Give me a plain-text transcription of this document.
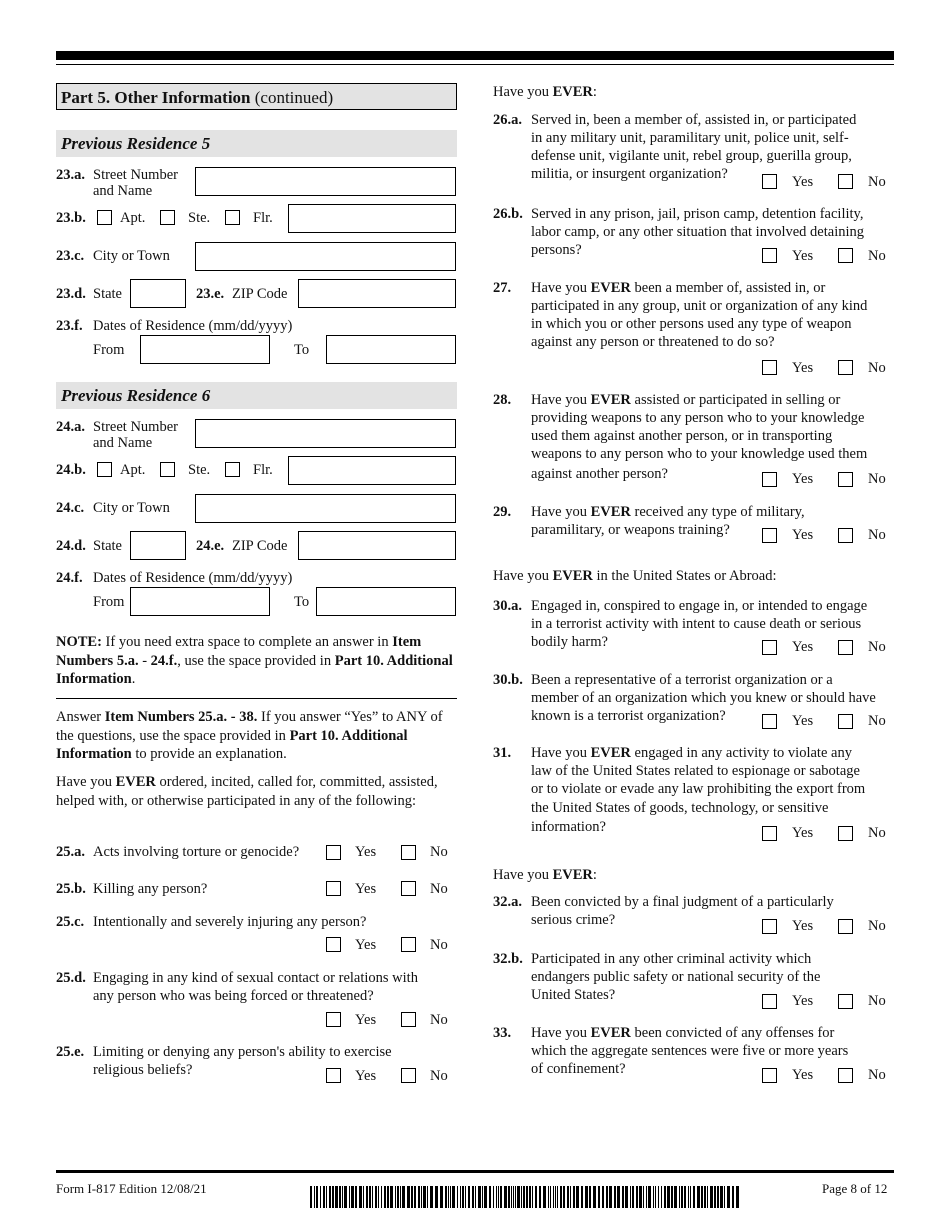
Part 5. Other Information (continued)
Previous Residence 5
23.a. Street Number
and Name
23.b. Apt.	Ste.	Flr.
23.c. City or Town
23.d. State	23.e. ZIP Code
23.f. Dates of Residence (mm/dd/yyyy)
From	To
Previous Residence 6
24.a. Street Number
and Name
24.b. Apt.	Ste.	Flr.
24.c. City or Town
24.d. State	24.e. ZIP Code
24.f. Dates of Residence (mm/dd/yyyy)
From	To
NOTE: If you need extra space to complete an answer in Item Numbers 5.a. - 24.f., use the space provided in Part 10. Additional Information.
Answer Item Numbers 25.a. - 38. If you answer “Yes” to ANY of the questions, use the space provided in Part 10. Additional Information to provide an explanation.
Have you EVER ordered, incited, called for, committed, assisted, helped with, or otherwise participated in any of the following:
25.a. Acts involving torture or genocide?	Yes	No
25.b. Killing any person?	Yes	No
25.c. Intentionally and severely injuring any person?
Yes	No
25.d. Engaging in any kind of sexual contact or relations with
any person who was being forced or threatened?
Yes	No
25.e. Limiting or denying any person's ability to exercise
religious beliefs?	Yes	No
Have you EVER:
26.a. Served in, been a member of, assisted in, or participated
in any military unit, paramilitary unit, police unit, self-
defense unit, vigilante unit, rebel group, guerilla group,
militia, or insurgent organization?	Yes	No
26.b. Served in any prison, jail, prison camp, detention facility,
labor camp, or any other situation that involved detaining
persons?	Yes	No
27. Have you EVER been a member of, assisted in, or
participated in any group, unit or organization of any kind
in which you or other persons used any type of weapon
against any person or threatened to do so?
Yes	No
28. Have you EVER assisted or participated in selling or
providing weapons to any person who to your knowledge
used them against another person, or in transporting
weapons to any person who to your knowledge used them
against another person?	Yes	No
29. Have you EVER received any type of military,
paramilitary, or weapons training?	Yes	No
Have you EVER in the United States or Abroad:
30.a. Engaged in, conspired to engage in, or intended to engage
in a terrorist activity with intent to cause death or serious
bodily harm?	Yes	No
30.b. Been a representative of a terrorist organization or a
member of an organization which you knew or should have
known is a terrorist organization?	Yes	No
31. Have you EVER engaged in any activity to violate any
law of the United States related to espionage or sabotage
or to violate or evade any law prohibiting the export from
the United States of goods, technology, or sensitive
information?	Yes	No
Have you EVER:
32.a. Been convicted by a final judgment of a particularly
serious crime?	Yes	No
32.b. Participated in any other criminal activity which
endangers public safety or national security of the
United States?	Yes	No
33. Have you EVER been convicted of any offenses for
which the aggregate sentences were five or more years
of confinement?	Yes	No
Form I-817 Edition 12/08/21	Page 8 of 12
